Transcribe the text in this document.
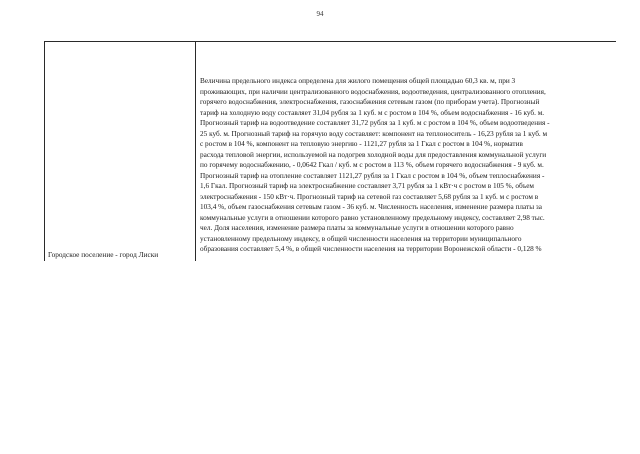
94
Городское поселение - город Лиски
Величина предельного индекса определена для жилого помещения общей площадью 60,3 кв. м, при 3
проживающих, при наличии централизованного водоснабжения, водоотведения, централизованного отопления,
горячего водоснабжения, электроснабжения, газоснабжения сетевым газом (по приборам учета). Прогнозный
тариф на холодную воду составляет 31,04 рубля за 1 куб. м с ростом в 104 %, объем водоснабжения - 16 куб. м.
Прогнозный тариф на водоотведение составляет 31,72 рубля за 1 куб. м с ростом в 104 %, объем водоотведения -
25 куб. м. Прогнозный тариф на горячую воду составляет: компонент на теплоноситель - 16,23 рубля за 1 куб. м
с ростом в 104 %, компонент на тепловую энергию - 1121,27 рубля за 1 Гкал с ростом в 104 %, норматив
расхода тепловой энергии, используемой на подогрев холодной воды для предоставления коммунальной услуги
по горячему водоснабжению, - 0,0642 Гкал / куб. м с ростом в 113 %, объем горячего водоснабжения - 9 куб. м.
Прогнозный тариф на отопление составляет 1121,27 рубля за 1 Гкал с ростом в 104 %, объем теплоснабжения -
1,6 Гкал. Прогнозный тариф на электроснабжение составляет 3,71 рубля за 1 кВт·ч с ростом в 105 %, объем
электроснабжения - 150 кВт·ч. Прогнозный тариф на сетевой газ составляет 5,68 рубля за 1 куб. м с ростом в
103,4 %, объем газоснабжения сетевым газом - 36 куб. м. Численность населения, изменение размера платы за
коммунальные услуги в отношении которого равно установленному предельному индексу, составляет 2,98 тыс.
чел. Доля населения, изменение размера платы за коммунальные услуги в отношении которого равно
установленному предельному индексу, в общей численности населения на территории муниципального
образования составляет 5,4 %, в общей численности населения на территории Воронежской области - 0,128 %
